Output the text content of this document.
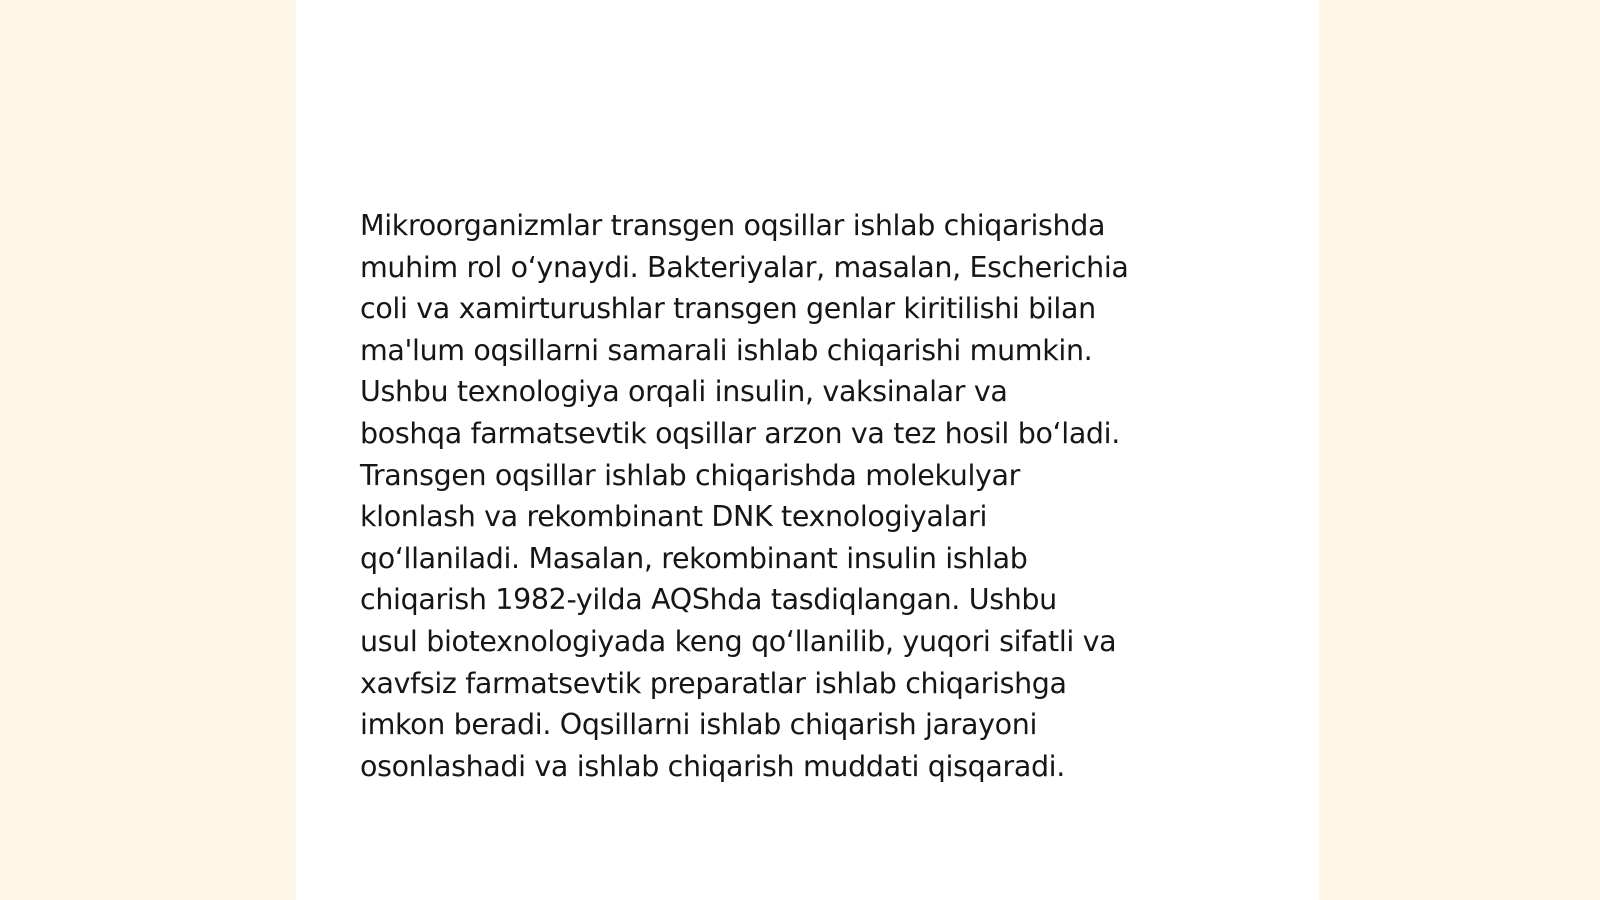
Mikroorganizmlar transgen oqsillar ishlab chiqarishda
muhim rol o‘ynaydi. Bakteriyalar, masalan, Escherichia
coli va xamirturushlar transgen genlar kiritilishi bilan
ma'lum oqsillarni samarali ishlab chiqarishi mumkin.
Ushbu texnologiya orqali insulin, vaksinalar va
boshqa farmatsevtik oqsillar arzon va tez hosil bo‘ladi.
Transgen oqsillar ishlab chiqarishda molekulyar
klonlash va rekombinant DNK texnologiyalari
qo‘llaniladi. Masalan, rekombinant insulin ishlab
chiqarish 1982-yilda AQShda tasdiqlangan. Ushbu
usul biotexnologiyada keng qo‘llanilib, yuqori sifatli va
xavfsiz farmatsevtik preparatlar ishlab chiqarishga
imkon beradi. Oqsillarni ishlab chiqarish jarayoni
osonlashadi va ishlab chiqarish muddati qisqaradi.
